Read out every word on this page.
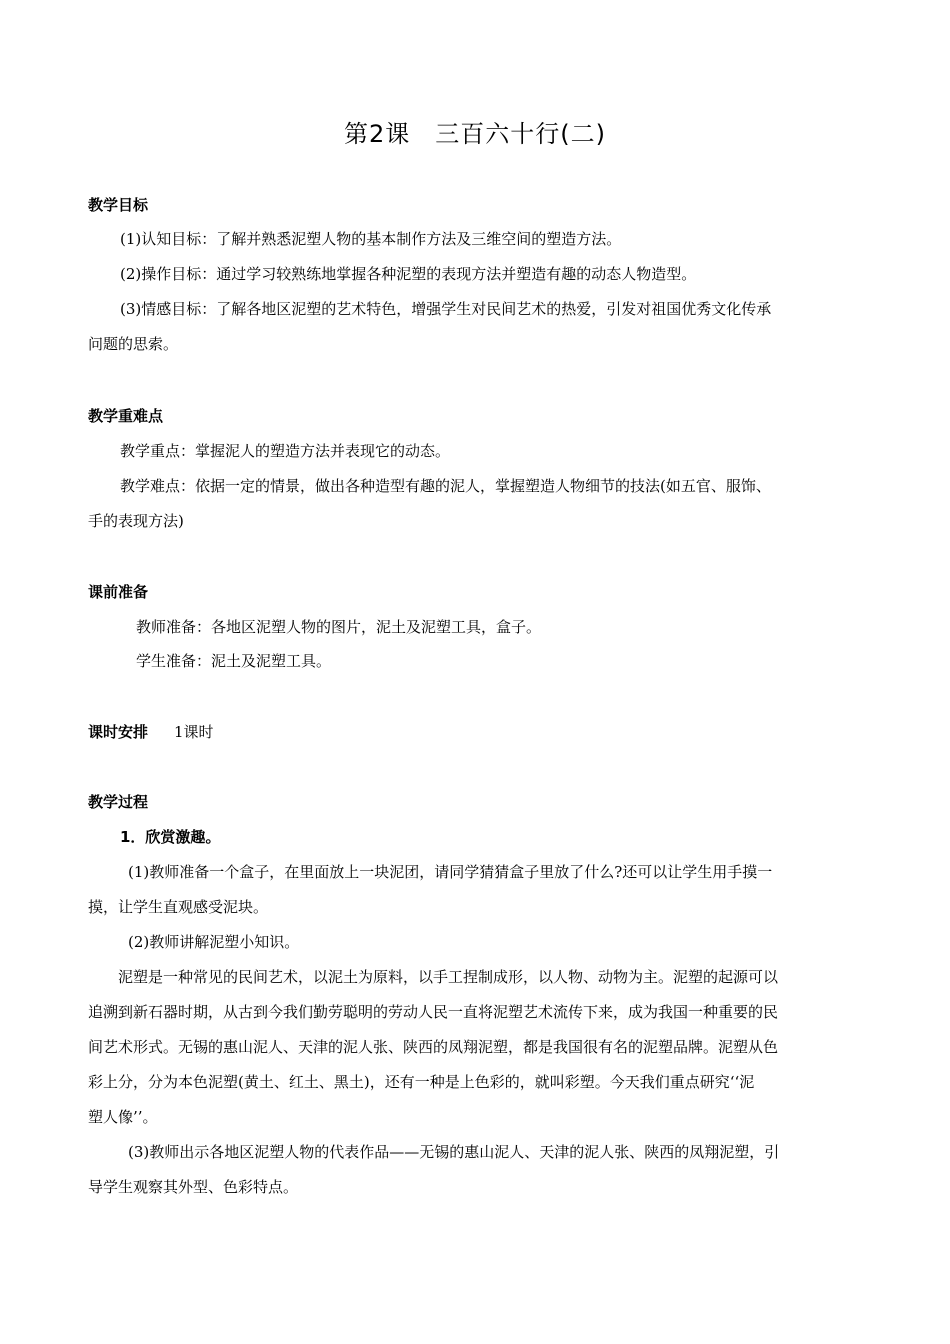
第2课　三百六十行(二)
教学目标
(1)认知目标：了解并熟悉泥塑人物的基本制作方法及三维空间的塑造方法。
(2)操作目标：通过学习较熟练地掌握各种泥塑的表现方法并塑造有趣的动态人物造型。
(3)情感目标：了解各地区泥塑的艺术特色，增强学生对民间艺术的热爱，引发对祖国优秀文化传承
问题的思索。
教学重难点
教学重点：掌握泥人的塑造方法并表现它的动态。
教学难点：依据一定的情景，做出各种造型有趣的泥人，掌握塑造人物细节的技法(如五官、服饰、
手的表现方法)
课前准备
教师准备：各地区泥塑人物的图片，泥土及泥塑工具，盒子。
学生准备：泥土及泥塑工具。
课时安排 1课时
教学过程
1．欣赏激趣。
(1)教师准备一个盒子，在里面放上一块泥团，请同学猜猜盒子里放了什么?还可以让学生用手摸一
摸，让学生直观感受泥块。
(2)教师讲解泥塑小知识。
泥塑是一种常见的民间艺术，以泥土为原料，以手工捏制成形，以人物、动物为主。泥塑的起源可以
追溯到新石器时期，从古到今我们勤劳聪明的劳动人民一直将泥塑艺术流传下来，成为我国一种重要的民
间艺术形式。无锡的惠山泥人、天津的泥人张、陕西的凤翔泥塑，都是我国很有名的泥塑品牌。泥塑从色
彩上分，分为本色泥塑(黄土、红土、黑土)，还有一种是上色彩的，就叫彩塑。今天我们重点研究‘‘泥
塑人像’’。
(3)教师出示各地区泥塑人物的代表作品——无锡的惠山泥人、天津的泥人张、陕西的凤翔泥塑，引
导学生观察其外型、色彩特点。
